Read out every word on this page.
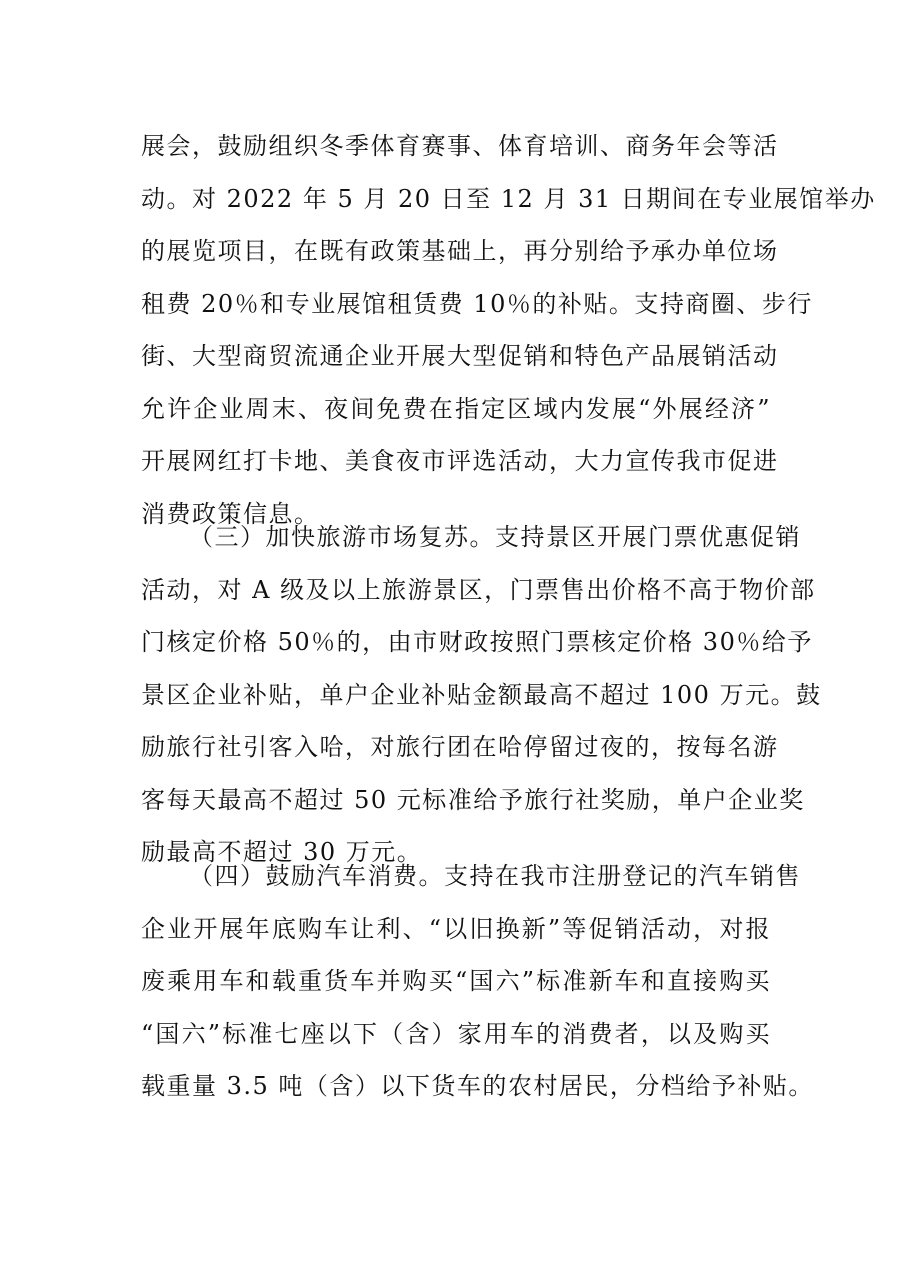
展会，鼓励组织冬季体育赛事、体育培训、商务年会等活
动。对 2022 年 5 月 20 日至 12 月 31 日期间在专业展馆举办
的展览项目，在既有政策基础上，再分别给予承办单位场
租费 20％和专业展馆租赁费 10％的补贴。支持商圈、步行
街、大型商贸流通企业开展大型促销和特色产品展销活动
允许企业周末、夜间免费在指定区域内发展“外展经济”
开展网红打卡地、美食夜市评选活动，大力宣传我市促进
消费政策信息。
（三）加快旅游市场复苏。支持景区开展门票优惠促销
活动，对 A 级及以上旅游景区，门票售出价格不高于物价部
门核定价格 50％的，由市财政按照门票核定价格 30％给予
景区企业补贴，单户企业补贴金额最高不超过 100 万元。鼓
励旅行社引客入哈，对旅行团在哈停留过夜的，按每名游
客每天最高不超过 50 元标准给予旅行社奖励，单户企业奖
励最高不超过 30 万元。
（四）鼓励汽车消费。支持在我市注册登记的汽车销售
企业开展年底购车让利、“以旧换新”等促销活动，对报
废乘用车和载重货车并购买“国六”标准新车和直接购买
“国六”标准七座以下（含）家用车的消费者，以及购买
载重量 3.5 吨（含）以下货车的农村居民，分档给予补贴。
